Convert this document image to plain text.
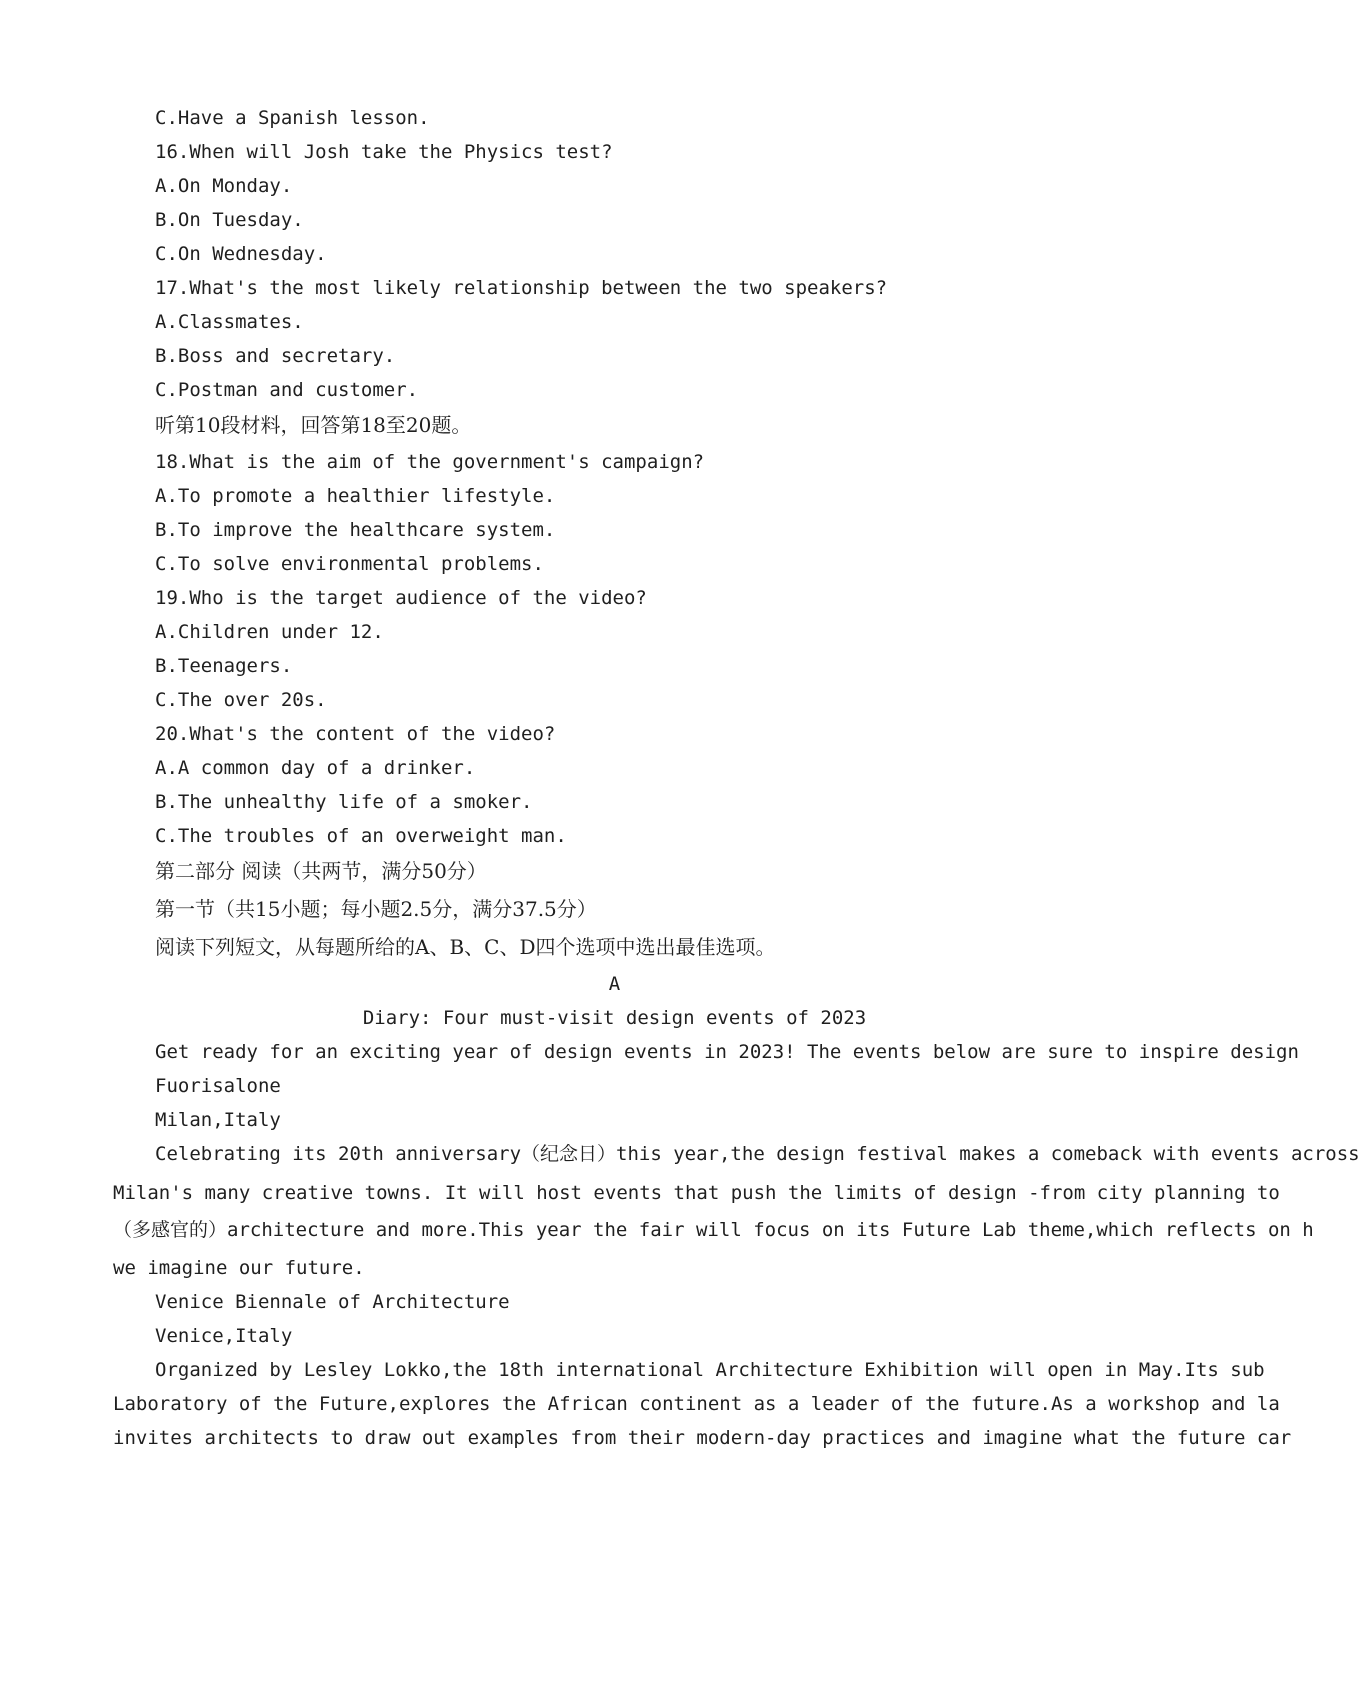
C.Have a Spanish lesson.
16.When will Josh take the Physics test?
A.On Monday.
B.On Tuesday.
C.On Wednesday.
17.What's the most likely relationship between the two speakers?
A.Classmates.
B.Boss and secretary.
C.Postman and customer.
听第10段材料，回答第18至20题。
18.What is the aim of the government's campaign?
A.To promote a healthier lifestyle.
B.To improve the healthcare system.
C.To solve environmental problems.
19.Who is the target audience of the video?
A.Children under 12.
B.Teenagers.
C.The over 20s.
20.What's the content of the video?
A.A common day of a drinker.
B.The unhealthy life of a smoker.
C.The troubles of an overweight man.
第二部分 阅读（共两节，满分50分）
第一节（共15小题；每小题2.5分，满分37.5分）
阅读下列短文，从每题所给的A、B、C、D四个选项中选出最佳选项。
A
Diary: Four must-visit design events of 2023
Get ready for an exciting year of design events in 2023! The events below are sure to inspire design
Fuorisalone
Milan,Italy
Celebrating its 20th anniversary（纪念日）this year,the design festival makes a comeback with events across
Milan's many creative towns. It will host events that push the limits of design -from city planning to
（多感官的）architecture and more.This year the fair will focus on its Future Lab theme,which reflects on h
we imagine our future.
Venice Biennale of Architecture
Venice,Italy
Organized by Lesley Lokko,the 18th international Architecture Exhibition will open in May.Its sub
Laboratory of the Future,explores the African continent as a leader of the future.As a workshop and la
invites architects to draw out examples from their modern-day practices and imagine what the future car
